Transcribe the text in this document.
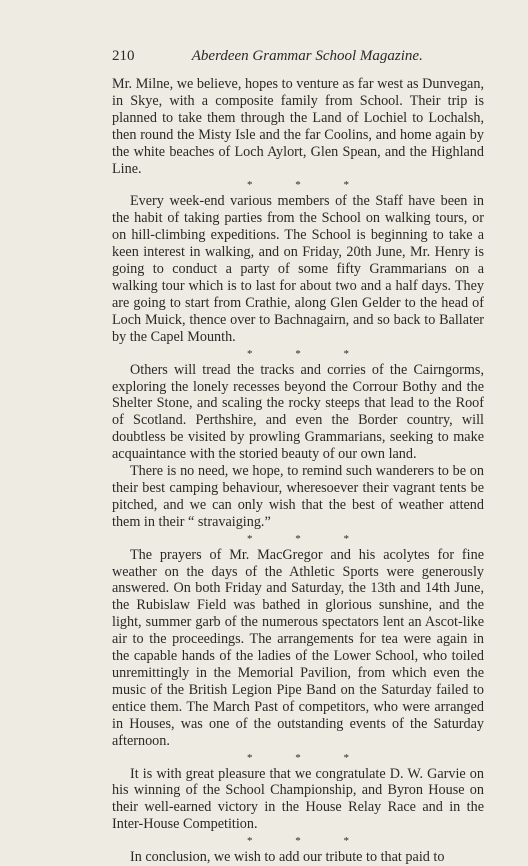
210	Aberdeen Grammar School Magazine.

Mr. Milne, we believe, hopes to venture as far west as Dunvegan, in Skye, with a composite family from School. Their trip is planned to take them through the Land of Lochiel to Lochalsh, then round the Misty Isle and the far Coolins, and home again by the white beaches of Loch Aylort, Glen Spean, and the Highland Line.

* * *

Every week-end various members of the Staff have been in the habit of taking parties from the School on walking tours, or on hill-climbing expeditions. The School is beginning to take a keen interest in walking, and on Friday, 20th June, Mr. Henry is going to conduct a party of some fifty Grammarians on a walking tour which is to last for about two and a half days. They are going to start from Crathie, along Glen Gelder to the head of Loch Muick, thence over to Bachnagairn, and so back to Ballater by the Capel Mounth.

* * *

Others will tread the tracks and corries of the Cairngorms, exploring the lonely recesses beyond the Corrour Bothy and the Shelter Stone, and scaling the rocky steeps that lead to the Roof of Scotland. Perthshire, and even the Border country, will doubtless be visited by prowling Grammarians, seeking to make acquaintance with the storied beauty of our own land.

There is no need, we hope, to remind such wanderers to be on their best camping behaviour, wheresoever their vagrant tents be pitched, and we can only wish that the best of weather attend them in their “ stravaiging.”

* * *

The prayers of Mr. MacGregor and his acolytes for fine weather on the days of the Athletic Sports were generously answered. On both Friday and Saturday, the 13th and 14th June, the Rubislaw Field was bathed in glorious sunshine, and the light, summer garb of the numerous spectators lent an Ascot-like air to the proceedings. The arrangements for tea were again in the capable hands of the ladies of the Lower School, who toiled unremittingly in the Memorial Pavilion, from which even the music of the British Legion Pipe Band on the Saturday failed to entice them. The March Past of competitors, who were arranged in Houses, was one of the outstanding events of the Saturday afternoon.

* * *

It is with great pleasure that we congratulate D. W. Garvie on his winning of the School Championship, and Byron House on their well-earned victory in the House Relay Race and in the Inter-House Competition.

* * *

In conclusion, we wish to add our tribute to that paid to
